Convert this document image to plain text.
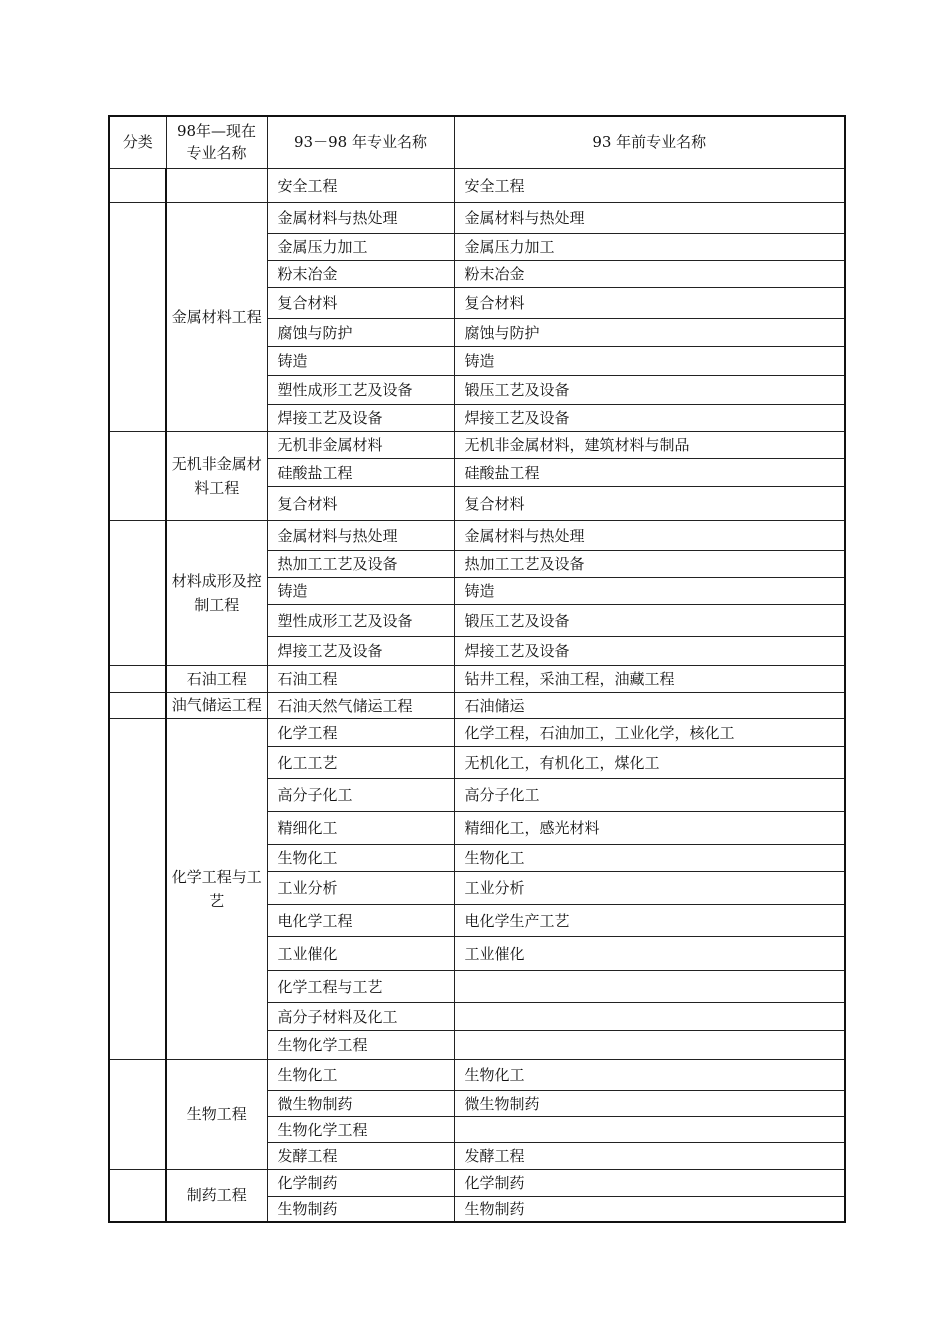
分类	98年—现在专业名称	93－98 年专业名称	93 年前专业名称
		安全工程	安全工程
	金属材料工程	金属材料与热处理	金属材料与热处理
		金属压力加工	金属压力加工
		粉末冶金	粉末冶金
		复合材料	复合材料
		腐蚀与防护	腐蚀与防护
		铸造	铸造
		塑性成形工艺及设备	锻压工艺及设备
		焊接工艺及设备	焊接工艺及设备
	无机非金属材料工程	无机非金属材料	无机非金属材料，建筑材料与制品
		硅酸盐工程	硅酸盐工程
		复合材料	复合材料
	材料成形及控制工程	金属材料与热处理	金属材料与热处理
		热加工工艺及设备	热加工工艺及设备
		铸造	铸造
		塑性成形工艺及设备	锻压工艺及设备
		焊接工艺及设备	焊接工艺及设备
	石油工程	石油工程	钻井工程，采油工程，油藏工程
	油气储运工程	石油天然气储运工程	石油储运
	化学工程与工艺	化学工程	化学工程，石油加工，工业化学，核化工
		化工工艺	无机化工，有机化工，煤化工
		高分子化工	高分子化工
		精细化工	精细化工，感光材料
		生物化工	生物化工
		工业分析	工业分析
		电化学工程	电化学生产工艺
		工业催化	工业催化
		化学工程与工艺	
		高分子材料及化工	
		生物化学工程	
	生物工程	生物化工	生物化工
		微生物制药	微生物制药
		生物化学工程	
		发酵工程	发酵工程
	制药工程	化学制药	化学制药
		生物制药	生物制药
